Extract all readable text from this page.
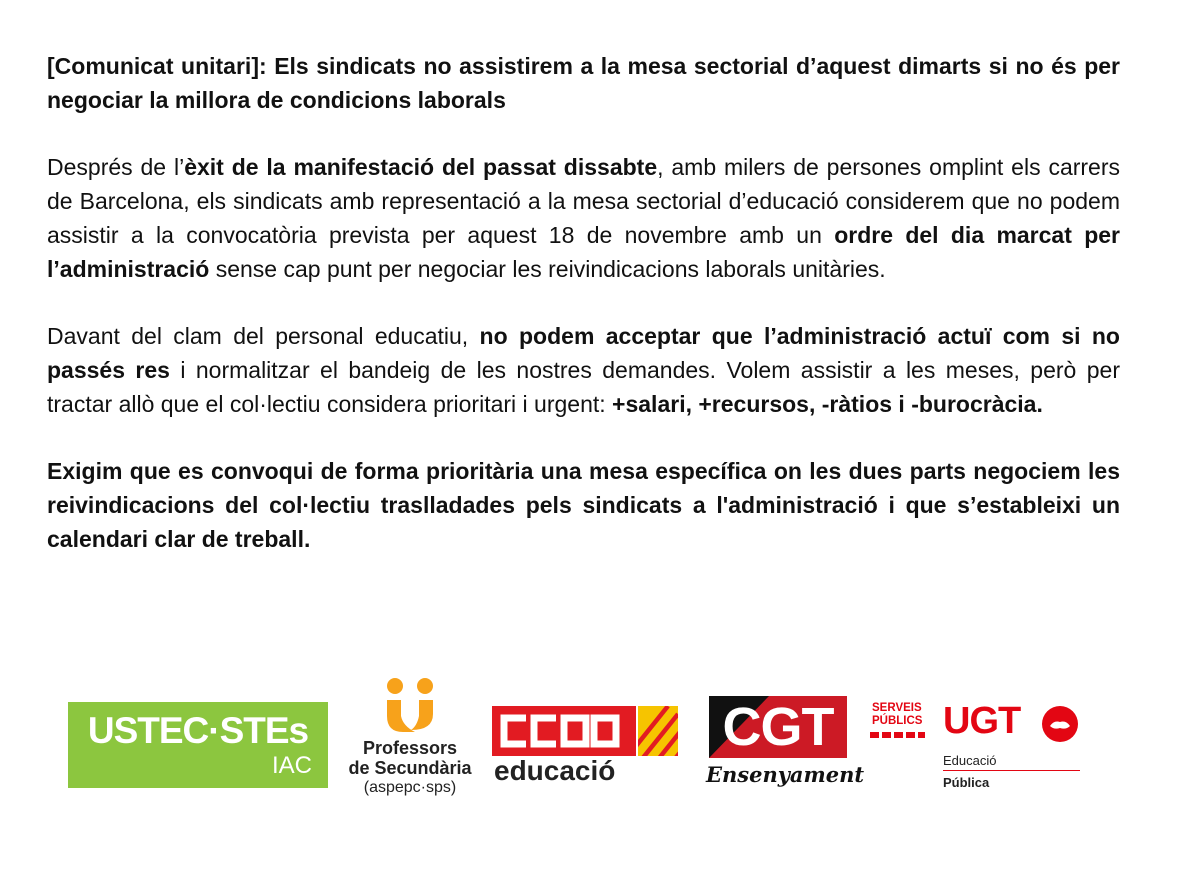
[Comunicat unitari]: Els sindicats no assistirem a la mesa sectorial d’aquest dimarts si no és per negociar la millora de condicions laborals

Després de l’èxit de la manifestació del passat dissabte, amb milers de persones omplint els carrers de Barcelona, els sindicats amb representació a la mesa sectorial d’educació considerem que no podem assistir a la convocatòria prevista per aquest 18 de novembre amb un ordre del dia marcat per l’administració sense cap punt per negociar les reivindicacions laborals unitàries.

Davant del clam del personal educatiu, no podem acceptar que l’administració actuï com si no passés res i normalitzar el bandeig de les nostres demandes. Volem assistir a les meses, però per tractar allò que el col·lectiu considera prioritari i urgent: +salari, +recursos, -ràtios i -burocràcia.

Exigim que es convoqui de forma prioritària una mesa específica on les dues parts negociem les reivindicacions del col·lectiu traslladades pels sindicats a l'administració i que s’estableixi un calendari clar de treball.

USTEC·STEs
IAC
Professors
de Secundària
(aspepc·sps)
educació
CGT
Ensenyament
SERVEIS
PÚBLICS UGT
Educació
Pública
